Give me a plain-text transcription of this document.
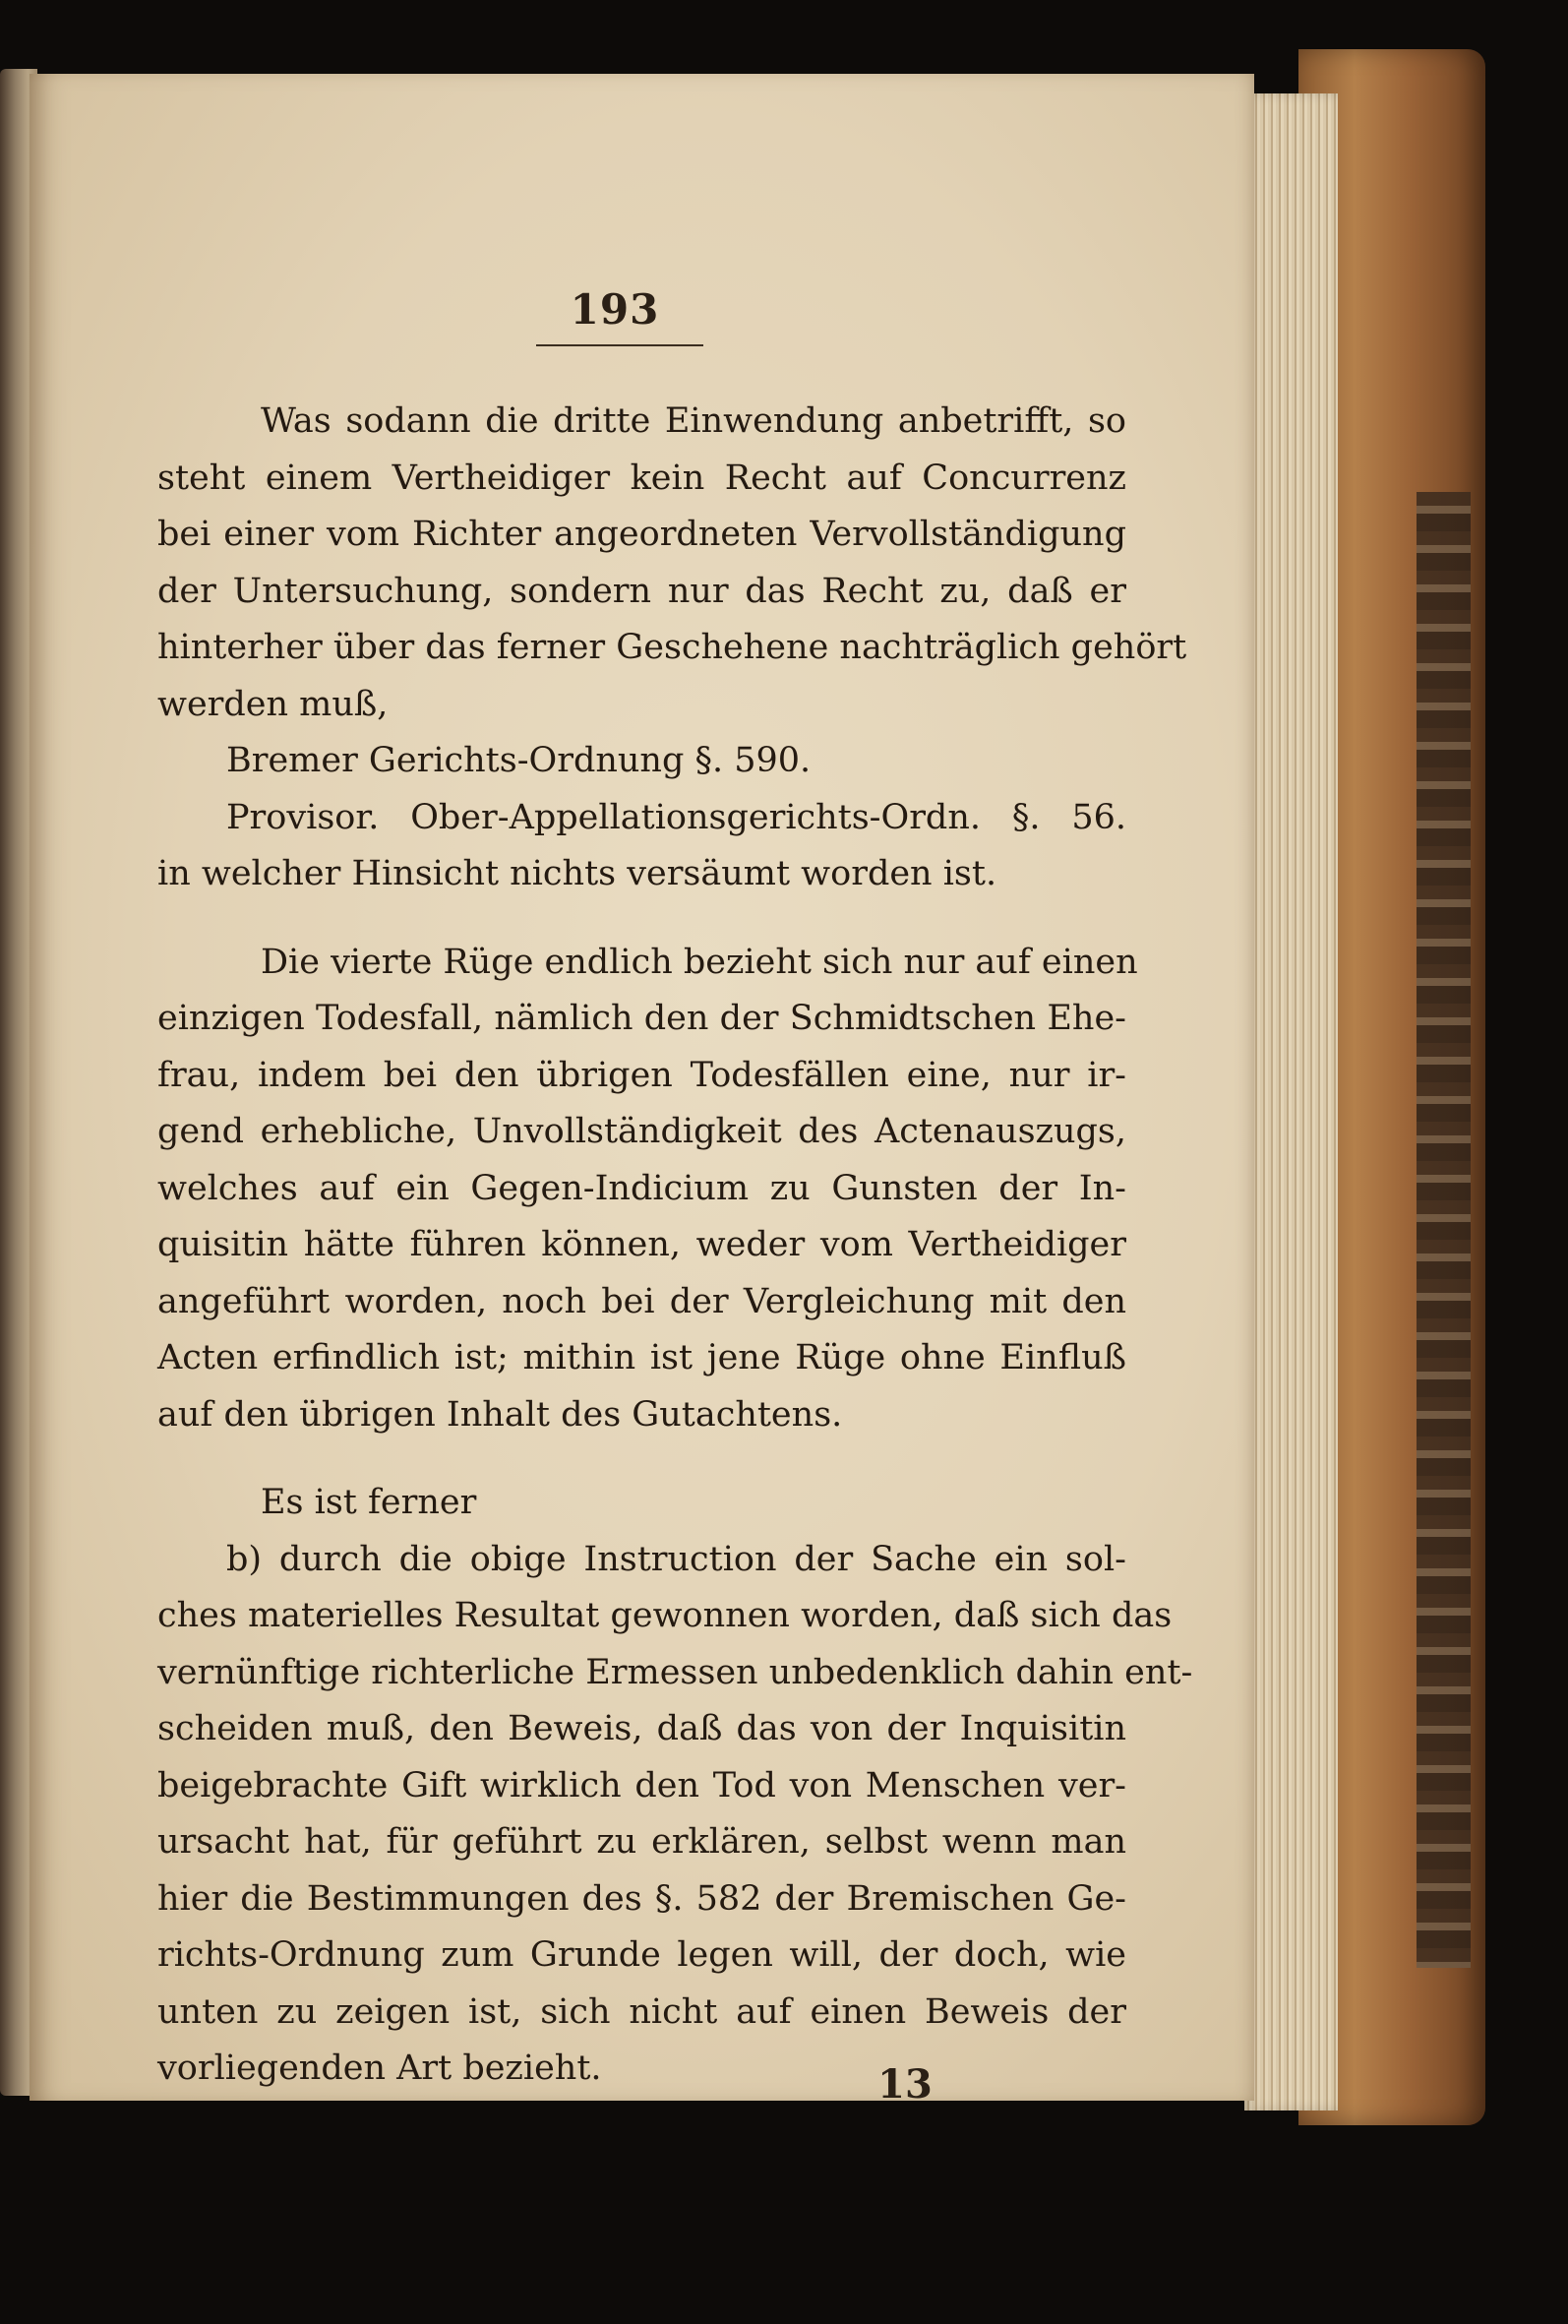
193
Was sodann die dritte Einwendung anbetrifft, so
steht einem Vertheidiger kein Recht auf Concurrenz
bei einer vom Richter angeordneten Vervollständigung
der Untersuchung, sondern nur das Recht zu, daß er
hinterher über das ferner Geschehene nachträglich gehört
werden muß,
Bremer Gerichts-Ordnung §. 590.
Provisor. Ober-Appellationsgerichts-Ordn. §. 56.
in welcher Hinsicht nichts versäumt worden ist.
Die vierte Rüge endlich bezieht sich nur auf einen
einzigen Todesfall, nämlich den der Schmidtschen Ehe-
frau, indem bei den übrigen Todesfällen eine, nur ir-
gend erhebliche, Unvollständigkeit des Actenauszugs,
welches auf ein Gegen-Indicium zu Gunsten der In-
quisitin hätte führen können, weder vom Vertheidiger
angeführt worden, noch bei der Vergleichung mit den
Acten erfindlich ist; mithin ist jene Rüge ohne Einfluß
auf den übrigen Inhalt des Gutachtens.
Es ist ferner
b) durch die obige Instruction der Sache ein sol-
ches materielles Resultat gewonnen worden, daß sich das
vernünftige richterliche Ermessen unbedenklich dahin ent-
scheiden muß, den Beweis, daß das von der Inquisitin
beigebrachte Gift wirklich den Tod von Menschen ver-
ursacht hat, für geführt zu erklären, selbst wenn man
hier die Bestimmungen des §. 582 der Bremischen Ge-
richts-Ordnung zum Grunde legen will, der doch, wie
unten zu zeigen ist, sich nicht auf einen Beweis der
vorliegenden Art bezieht.	13
